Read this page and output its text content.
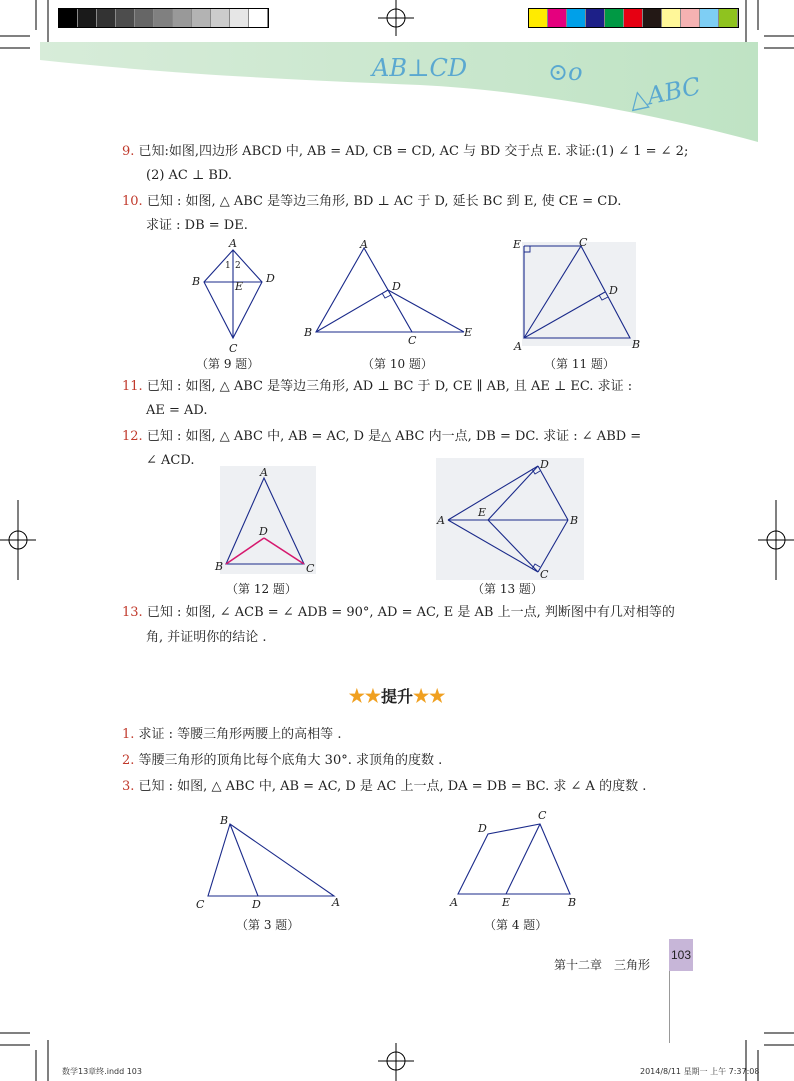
AB⊥CD	⊙o △ABC
9. 已知:如图,四边形 ABCD 中, AB = AD, CB = CD, AC 与 BD 交于点 E. 求证:(1) ∠ 1 = ∠ 2;
(2) AC ⊥ BD.
10. 已知 : 如图, △ ABC 是等边三角形, BD ⊥ AC 于 D, 延长 BC 到 E, 使 CE = CD.
求证 : DB = DE.
A
B	D
C
E
1 2
（第 9 题）
A
B
C
D
E
（第 10 题）
E	C
D
A	B
（第 11 题）
11. 已知 : 如图, △ ABC 是等边三角形, AD ⊥ BC 于 D, CE ∥ AB, 且 AE ⊥ EC. 求证 :
AE = AD.
12. 已知 : 如图, △ ABC 中, AB = AC, D 是△ ABC 内一点, DB = DC. 求证 : ∠ ABD =
∠ ACD.
A
D
B	C
（第 12 题）
A
E
D
B
C
（第 13 题）
13. 已知 : 如图, ∠ ACB = ∠ ADB = 90°, AD = AC, E 是 AB 上一点, 判断图中有几对相等的
角, 并证明你的结论 .
★★提升★★
1. 求证 : 等腰三角形两腰上的高相等 .
2. 等腰三角形的顶角比每个底角大 30°. 求顶角的度数 .
3. 已知 : 如图, △ ABC 中, AB = AC, D 是 AC 上一点, DA = DB = BC. 求 ∠ A 的度数 .
B
C	D	A
（第 3 题）
D
C
A	E	B
（第 4 题）
第十二章　三角形
103
数学13章终.indd 103	2014/8/11 星期一 上午 7:37:08
